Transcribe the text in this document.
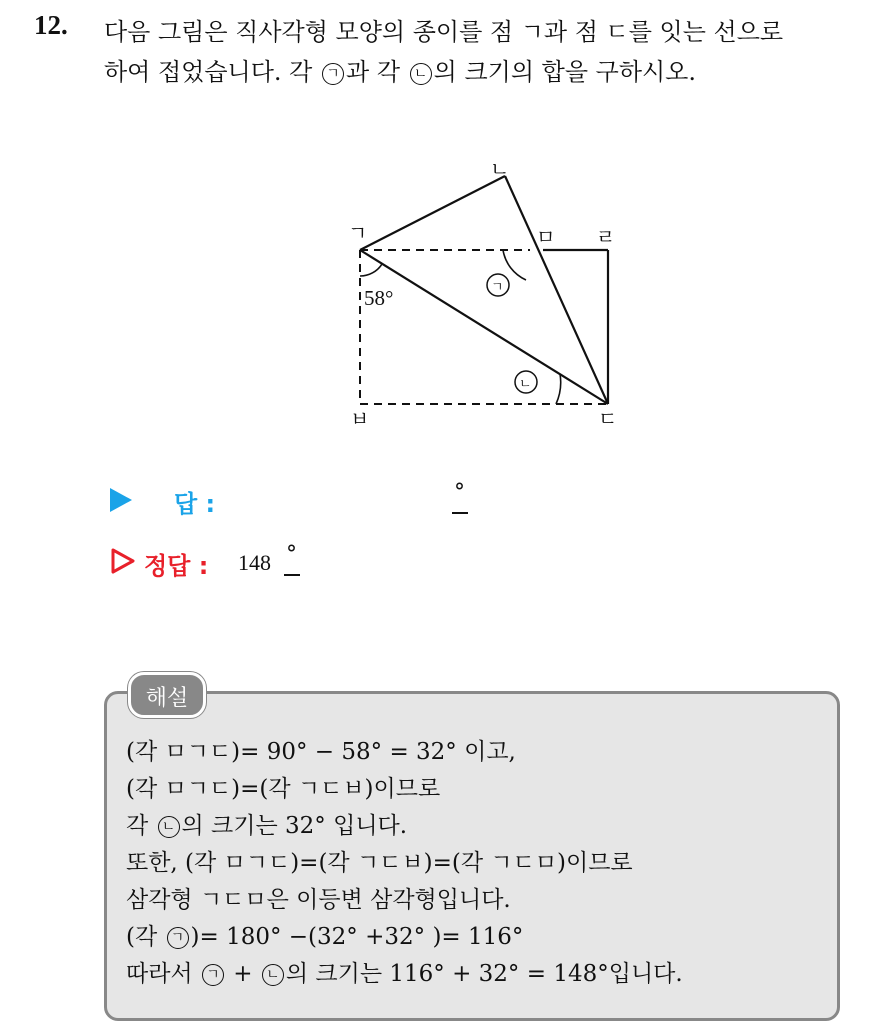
12. 다음 그림은 직사각형 모양의 종이를 점 ㄱ과 점 ㄷ를 잇는 선으로
하여 접었습니다. 각 ㄱ 과 각 ㄴ 의 크기의 합을 구하시오.
ㄱ
ㄴ
ㅁ ㄹ
ㅂ	ㄷ
58°	ㄱ
ㄴ
답 :	°
정답 : 148 °
해설
(각 ㅁㄱㄷ)= 90° − 58° = 32° 이고,
(각 ㅁㄱㄷ)=(각 ㄱㄷㅂ)이므로
각 ㄴ 의 크기는 32° 입니다.
또한, (각 ㅁㄱㄷ)=(각 ㄱㄷㅂ)=(각 ㄱㄷㅁ)이므로
삼각형 ㄱㄷㅁ은 이등변 삼각형입니다.
(각 ㄱ )= 180° −(32° +32° )= 116°
따라서 ㄱ + ㄴ 의 크기는 116° + 32° = 148°입니다.
